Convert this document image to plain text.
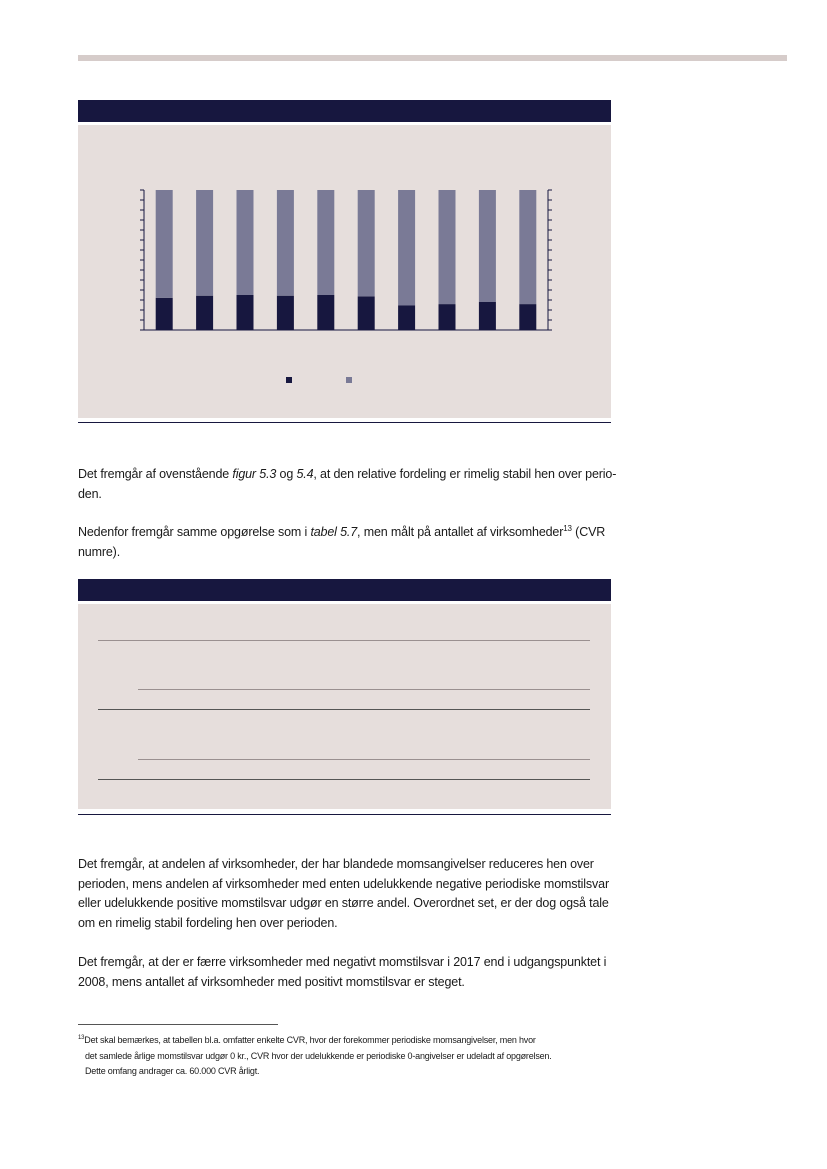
Det fremgår af ovenstående figur 5.3 og 5.4, at den relative fordeling er rimelig stabil hen over perio-den.
Nedenfor fremgår samme opgørelse som i tabel 5.7, men målt på antallet af virksomheder$^{13}$ (CVR numre).
Det fremgår, at andelen af virksomheder, der har blandede momsangivelser reduceres hen over perioden, mens andelen af virksomheder med enten udelukkende negative periodiske momstilsvar eller udelukkende positive momstilsvar udgør en større andel. Overordnet set, er der dog også tale om en rimelig stabil fordeling hen over perioden.
Det fremgår, at der er færre virksomheder med negativt momstilsvar i 2017 end i udgangspunktet i 2008, mens antallet af virksomheder med positivt momstilsvar er steget.
$^{13}$Det skal bemærkes, at tabellen bl.a. omfatter enkelte CVR, hvor der forekommer periodiske momsangivelser, men hvor
det samlede årlige momstilsvar udgør 0 kr., CVR hvor der udelukkende er periodiske 0-angivelser er udeladt af opgørelsen.
Dette omfang andrager ca. 60.000 CVR årligt.
